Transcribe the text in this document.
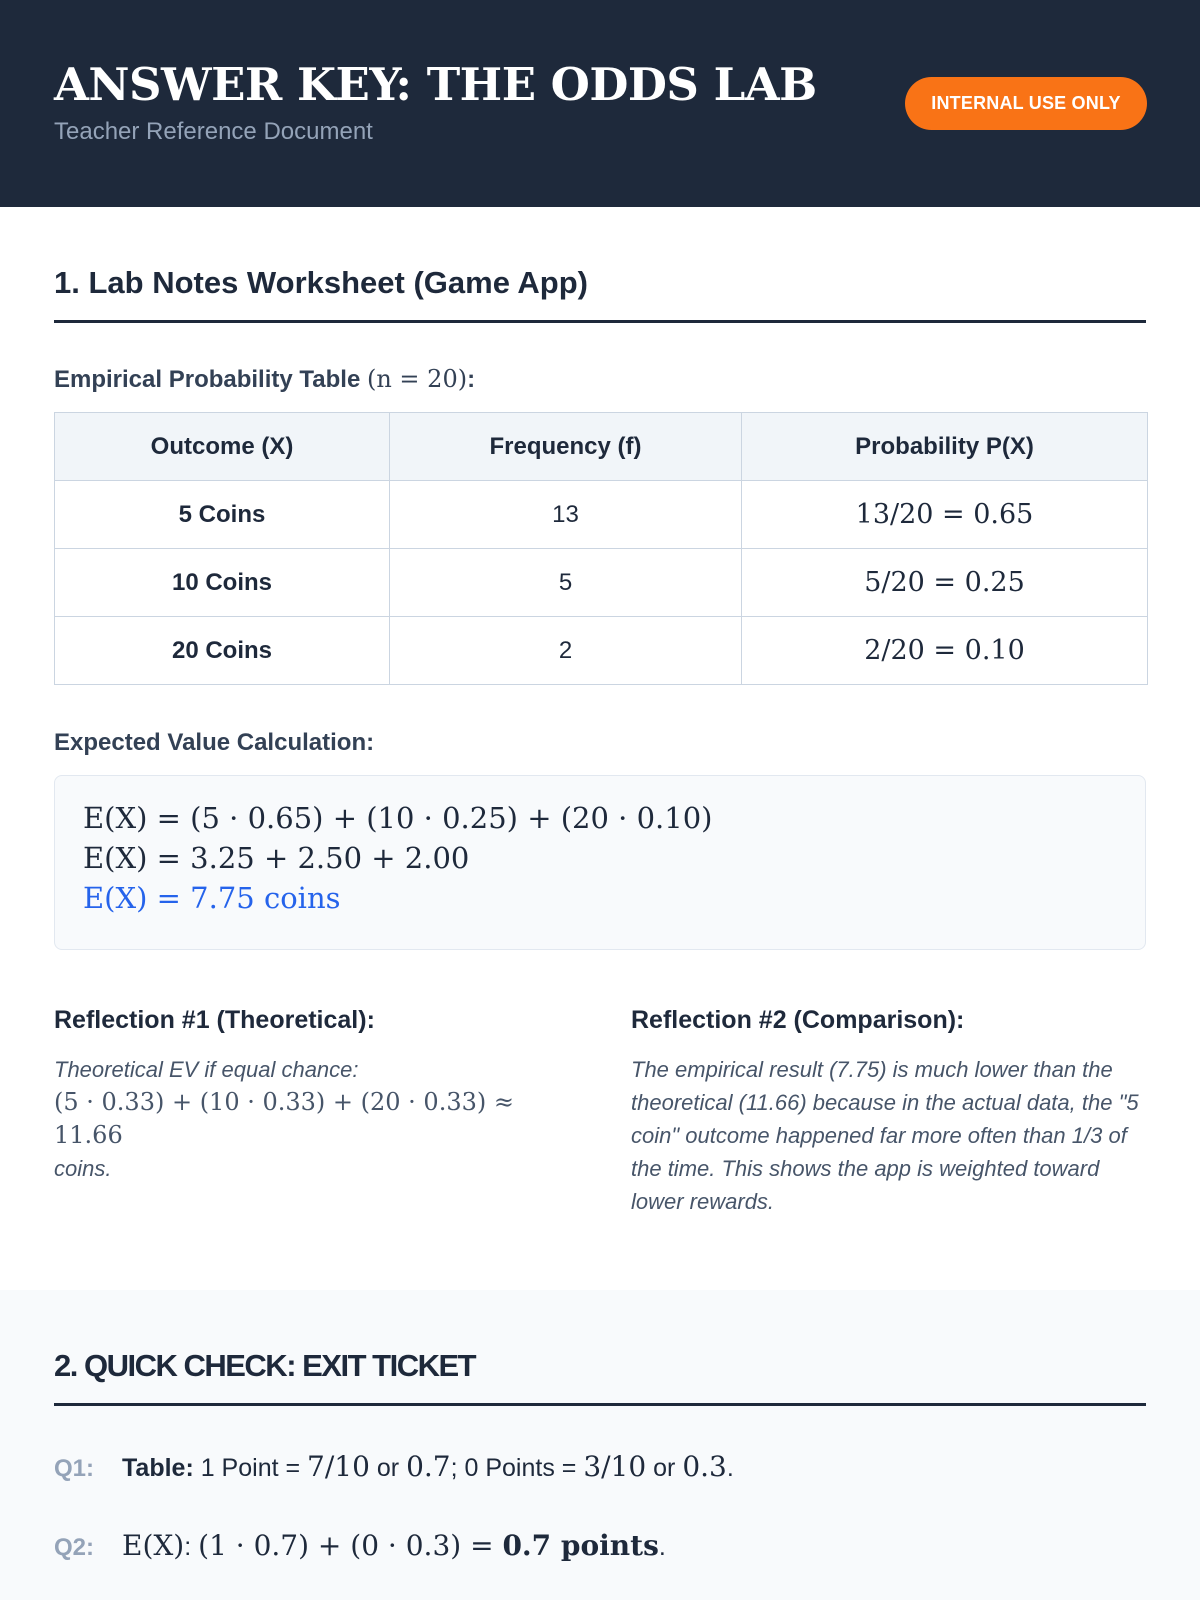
ANSWER KEY: THE ODDS LAB
Teacher Reference Document
INTERNAL USE ONLY
1. Lab Notes Worksheet (Game App)
Empirical Probability Table (n = 20):
Outcome (X)	Frequency (f)	Probability P(X)
5 Coins	13	13/20 = 0.65
10 Coins	5	5/20 = 0.25
20 Coins	2	2/20 = 0.10
Expected Value Calculation:
E(X) = (5 · 0.65) + (10 · 0.25) + (20 · 0.10)
E(X) = 3.25 + 2.50 + 2.00
E(X) = 7.75 coins
Reflection #1 (Theoretical):
Theoretical EV if equal chance:
(5 · 0.33) + (10 · 0.33) + (20 · 0.33) ≈ 11.66
coins.
Reflection #2 (Comparison):
The empirical result (7.75) is much lower than the theoretical (11.66) because in the actual data, the "5 coin" outcome happened far more often than 1/3 of the time. This shows the app is weighted toward lower rewards.
2. QUICK CHECK: EXIT TICKET
Q1:	Table: 1 Point = 7/10 or 0.7; 0 Points = 3/10 or 0.3.
Q2: E(X): (1 · 0.7) + (0 · 0.3) = 0.7 points.
